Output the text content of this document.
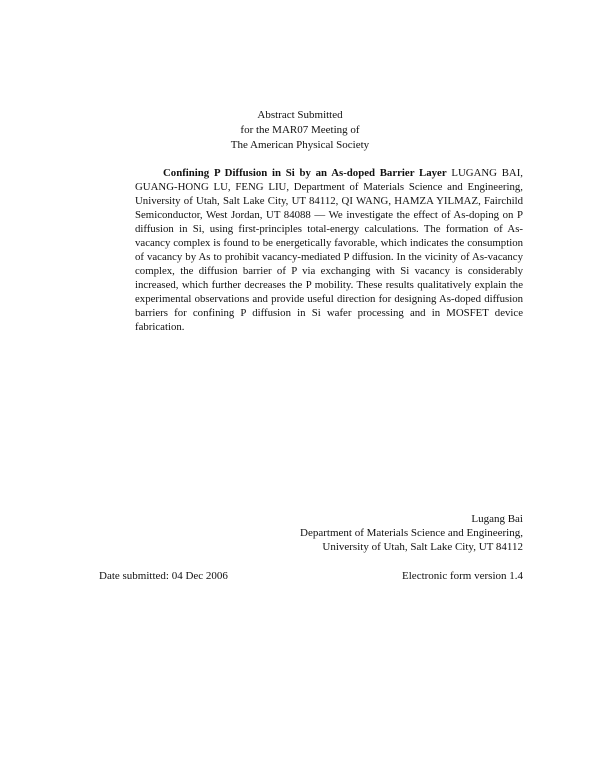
Abstract Submitted
for the MAR07 Meeting of
The American Physical Society
Confining P Diffusion in Si by an As-doped Barrier Layer LUGANG BAI, GUANG-HONG LU, FENG LIU, Department of Materials Science and Engineering, University of Utah, Salt Lake City, UT 84112, QI WANG, HAMZA YILMAZ, Fairchild Semiconductor, West Jordan, UT 84088 — We investigate the effect of As-doping on P diffusion in Si, using first-principles total-energy calculations. The formation of As-vacancy complex is found to be energetically favorable, which indicates the consumption of vacancy by As to prohibit vacancy-mediated P diffusion. In the vicinity of As-vacancy complex, the diffusion barrier of P via exchanging with Si vacancy is considerably increased, which further decreases the P mobility. These results qualitatively explain the experimental observations and provide useful direction for designing As-doped diffusion barriers for confining P diffusion in Si wafer processing and in MOSFET device fabrication.
Lugang Bai
Department of Materials Science and Engineering,
University of Utah, Salt Lake City, UT 84112
Date submitted: 04 Dec 2006	Electronic form version 1.4
